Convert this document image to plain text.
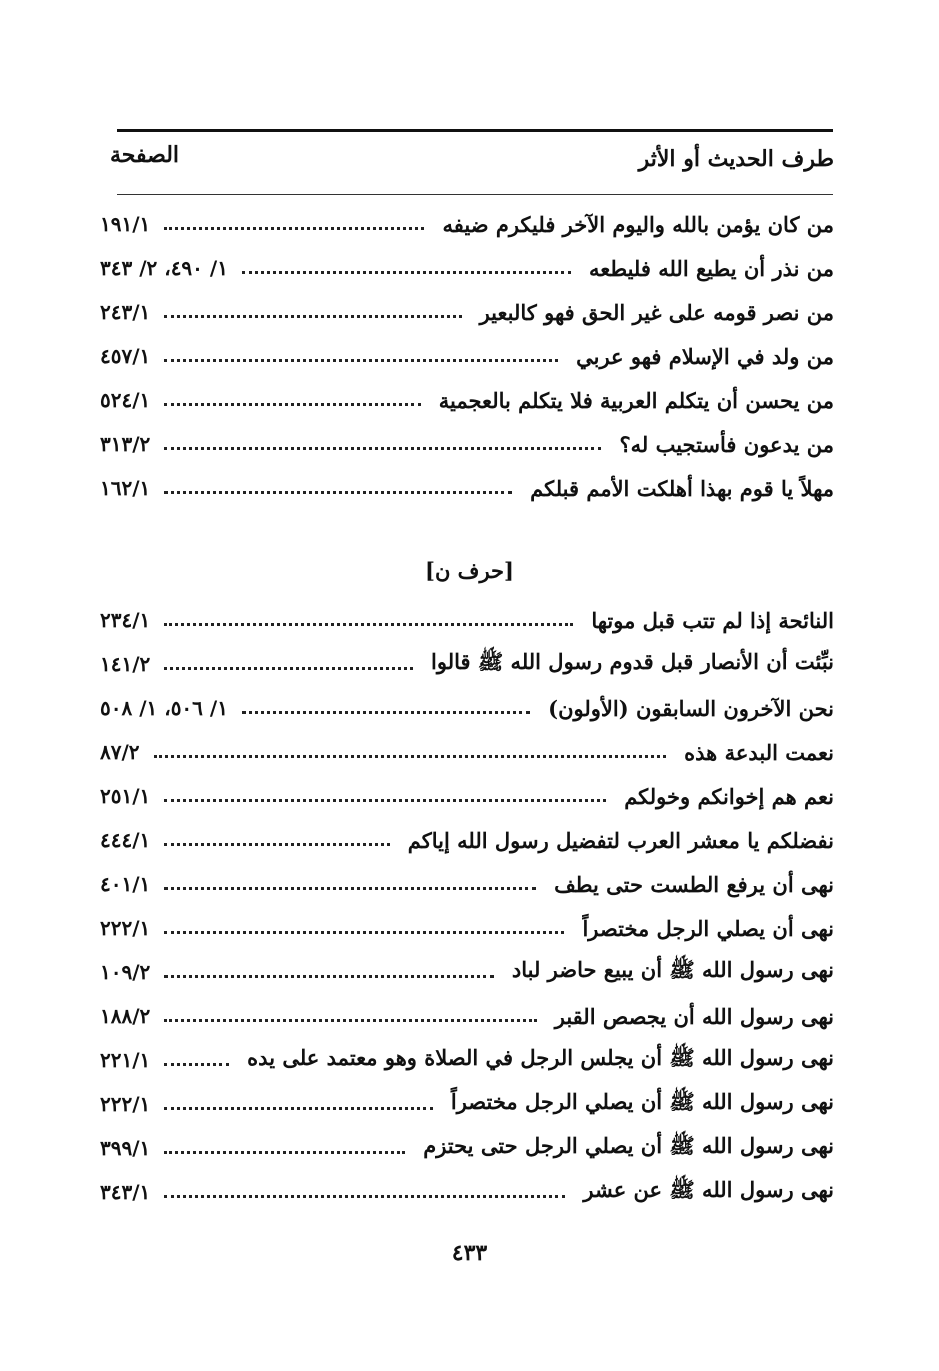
طرف الحديث أو الأثر
الصفحة
من كان يؤمن بالله واليوم الآخر فليكرم ضيفه
١٩١/١
من نذر أن يطيع الله فليطعه
١/ ٤٩٠، ٢/ ٣٤٣
من نصر قومه على غير الحق فهو كالبعير
٢٤٣/١
من ولد في الإسلام فهو عربي
٤٥٧/١
من يحسن أن يتكلم العربية فلا يتكلم بالعجمية
٥٢٤/١
من يدعون فأستجيب له؟
٣١٣/٢
مهلاً يا قوم بهذا أهلكت الأمم قبلكم
١٦٢/١
[حرف ن]
النائحة إذا لم تتب قبل موتها
٢٣٤/١
نبِّئت أن الأنصار قبل قدوم رسول الله ﷺ قالوا
١٤١/٢
نحن الآخرون السابقون (الأولون)
١/ ٥٠٦، ١/ ٥٠٨
نعمت البدعة هذه
٨٧/٢
نعم هم إخوانكم وخولكم
٢٥١/١
نفضلكم يا معشر العرب لتفضيل رسول الله إياكم
٤٤٤/١
نهى أن يرفع الطست حتى يطف
٤٠١/١
نهى أن يصلي الرجل مختصراً
٢٢٢/١
نهى رسول الله ﷺ أن يبيع حاضر لباد
١٠٩/٢
نهى رسول الله أن يجصص القبر
١٨٨/٢
نهى رسول الله ﷺ أن يجلس الرجل في الصلاة وهو معتمد على يده
٢٢١/١
نهى رسول الله ﷺ أن يصلي الرجل مختصراً
٢٢٢/١
نهى رسول الله ﷺ أن يصلي الرجل حتى يحتزم
٣٩٩/١
نهى رسول الله ﷺ عن عشر
٣٤٣/١
٤٣٣
